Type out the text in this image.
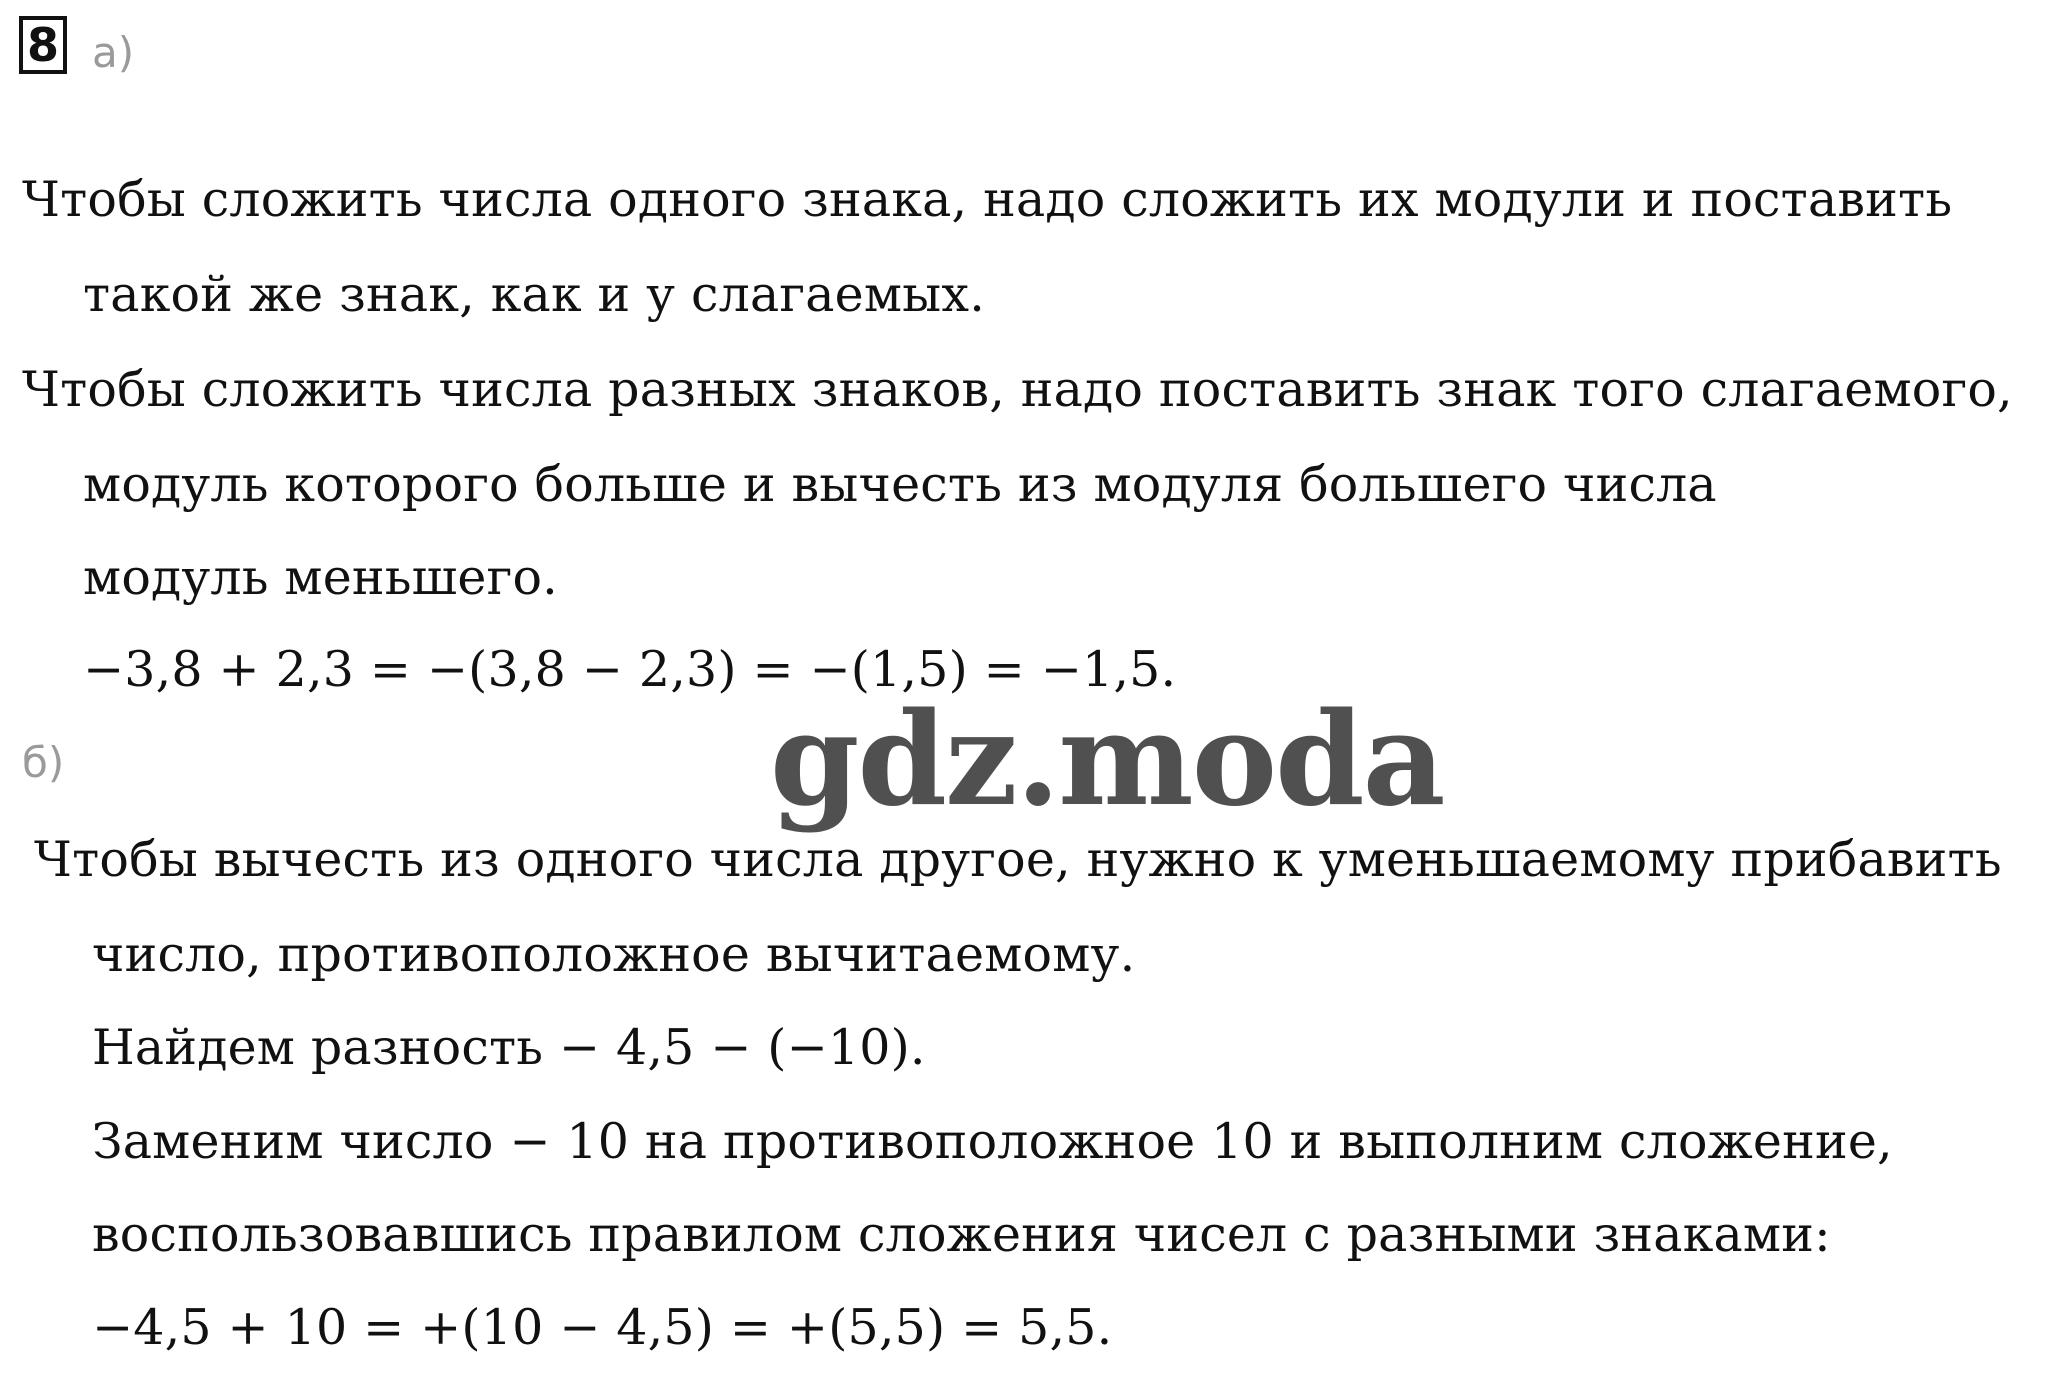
8 а)
Чтобы сложить числа одного знака, надо сложить их модули и поставить
такой же знак, как и у слагаемых.
Чтобы сложить числа разных знаков, надо поставить знак того слагаемого,
модуль которого больше и вычесть из модуля большего числа
модуль меньшего.
−3,8 + 2,3 = −(3,8 − 2,3) = −(1,5) = −1,5.
б)	gdz.moda
Чтобы вычесть из одного числа другое, нужно к уменьшаемому прибавить
число, противоположное вычитаемому.
Найдем разность − 4,5 − (−10).
Заменим число − 10 на противоположное 10 и выполним сложение,
воспользовавшись правилом сложения чисел с разными знаками:
−4,5 + 10 = +(10 − 4,5) = +(5,5) = 5,5.
